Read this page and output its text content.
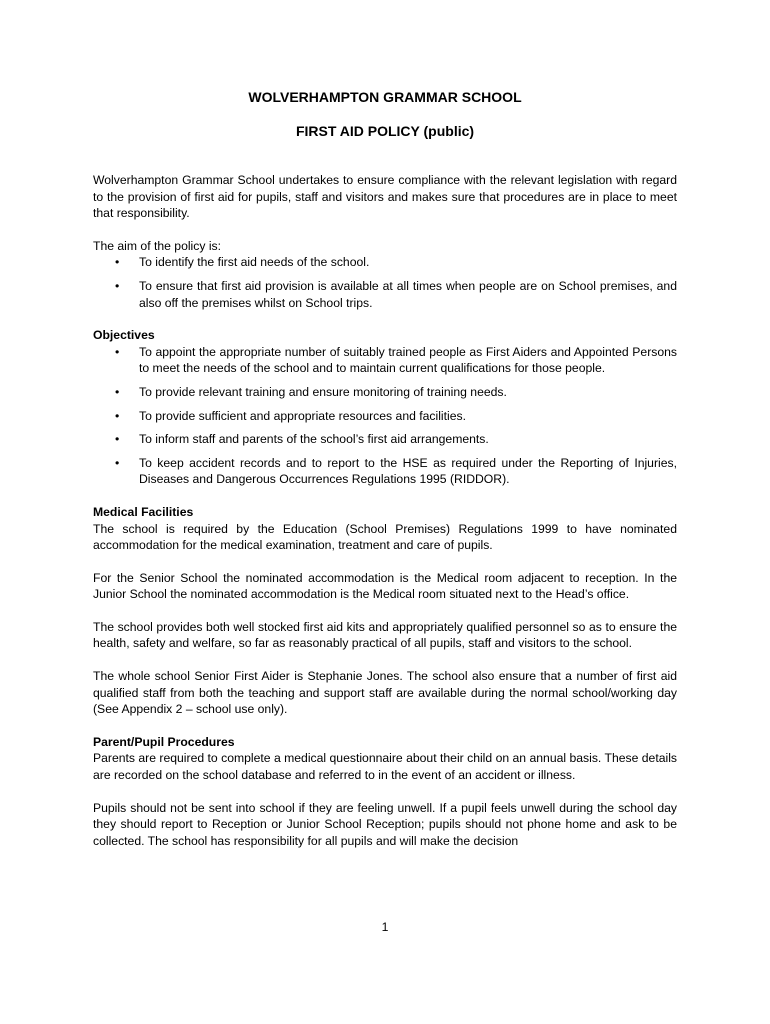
WOLVERHAMPTON GRAMMAR SCHOOL
FIRST AID POLICY (public)

Wolverhampton Grammar School undertakes to ensure compliance with the relevant legislation with regard to the provision of first aid for pupils, staff and visitors and makes sure that procedures are in place to meet that responsibility.

The aim of the policy is:

• To identify the first aid needs of the school.
• To ensure that first aid provision is available at all times when people are on School premises, and also off the premises whilst on School trips.
Objectives
• To appoint the appropriate number of suitably trained people as First Aiders and Appointed Persons to meet the needs of the school and to maintain current qualifications for those people.
• To provide relevant training and ensure monitoring of training needs.
• To provide sufficient and appropriate resources and facilities.
• To inform staff and parents of the school’s first aid arrangements.
• To keep accident records and to report to the HSE as required under the Reporting of Injuries, Diseases and Dangerous Occurrences Regulations 1995 (RIDDOR).
Medical Facilities

The school is required by the Education (School Premises) Regulations 1999 to have nominated accommodation for the medical examination, treatment and care of pupils.

For the Senior School the nominated accommodation is the Medical room adjacent to reception. In the Junior School the nominated accommodation is the Medical room situated next to the Head’s office.

The school provides both well stocked first aid kits and appropriately qualified personnel so as to ensure the health, safety and welfare, so far as reasonably practical of all pupils, staff and visitors to the school.

The whole school Senior First Aider is Stephanie Jones. The school also ensure that a number of first aid qualified staff from both the teaching and support staff are available during the normal school/working day (See Appendix 2 – school use only).

Parent/Pupil Procedures

Parents are required to complete a medical questionnaire about their child on an annual basis. These details are recorded on the school database and referred to in the event of an accident or illness.

Pupils should not be sent into school if they are feeling unwell. If a pupil feels unwell during the school day they should report to Reception or Junior School Reception; pupils should not phone home and ask to be collected. The school has responsibility for all pupils and will make the decision

1
